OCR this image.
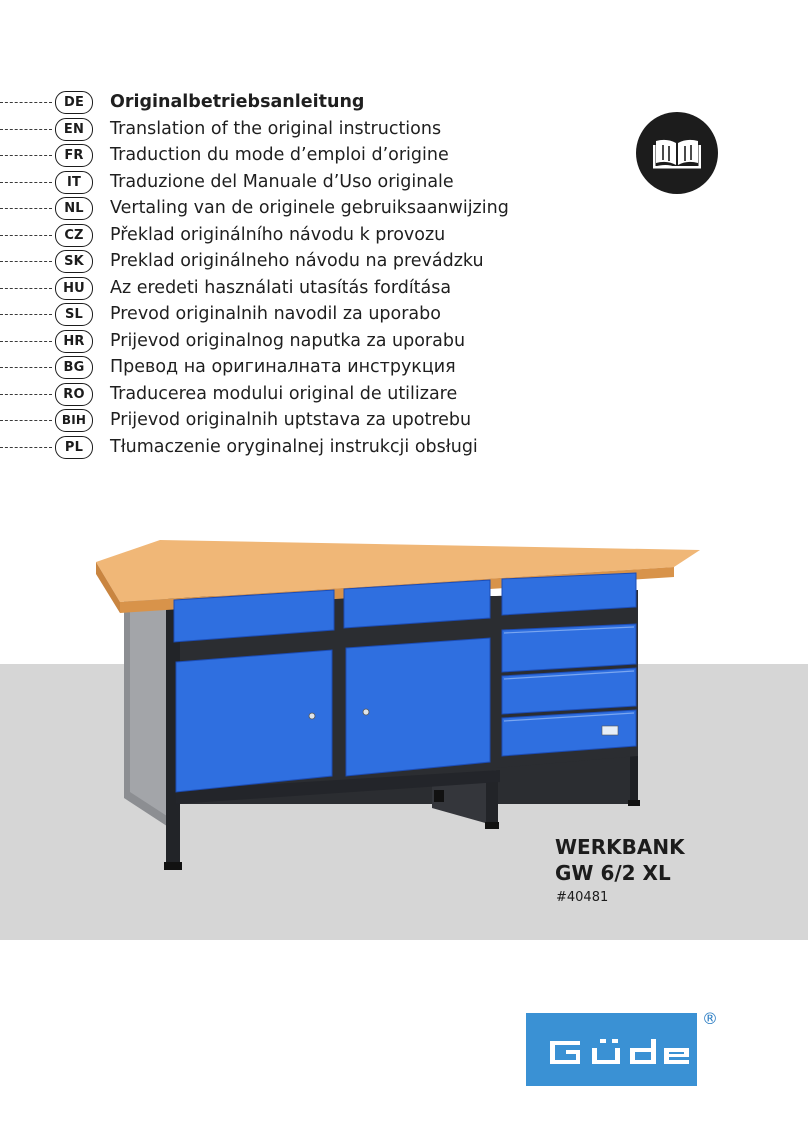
DE	Originalbetriebsanleitung
EN	Translation of the original instructions
FR	Traduction du mode d’emploi d’origine
IT	Traduzione del Manuale d’Uso originale
NL	Vertaling van de originele gebruiksaanwijzing
CZ	Překlad originálního návodu k provozu
SK	Preklad originálneho návodu na prevádzku
HU	Az eredeti használati utasítás fordítása
SL	Prevod originalnih navodil za uporabo
HR	Prijevod originalnog naputka za uporabu
BG	Превод на оригиналната инструкция
RO	Traducerea modului original de utilizare
BIH	Prijevod originalnih uptstava za upotrebu
PL	Tłumaczenie oryginalnej instrukcji obsługi
WERKBANK
GW 6/2 XL
#40481
®
